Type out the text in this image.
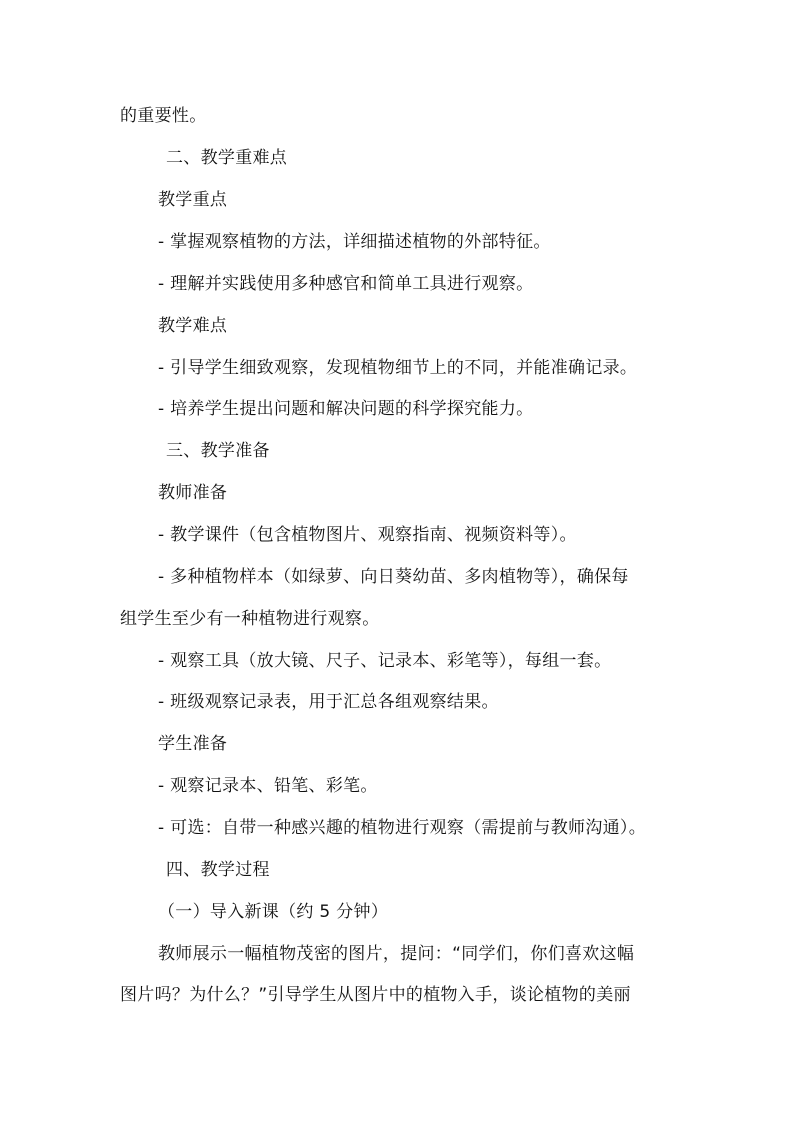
的重要性。
二、教学重难点
教学重点
- 掌握观察植物的方法，详细描述植物的外部特征。
- 理解并实践使用多种感官和简单工具进行观察。
教学难点
- 引导学生细致观察，发现植物细节上的不同，并能准确记录。
- 培养学生提出问题和解决问题的科学探究能力。
三、教学准备
教师准备
- 教学课件（包含植物图片、观察指南、视频资料等）。
- 多种植物样本（如绿萝、向日葵幼苗、多肉植物等），确保每
组学生至少有一种植物进行观察。
- 观察工具（放大镜、尺子、记录本、彩笔等），每组一套。
- 班级观察记录表，用于汇总各组观察结果。
学生准备
- 观察记录本、铅笔、彩笔。
- 可选：自带一种感兴趣的植物进行观察（需提前与教师沟通）。
四、教学过程
（一）导入新课（约 5 分钟）
教师展示一幅植物茂密的图片，提问：“同学们，你们喜欢这幅
图片吗？为什么？”引导学生从图片中的植物入手，谈论植物的美丽
